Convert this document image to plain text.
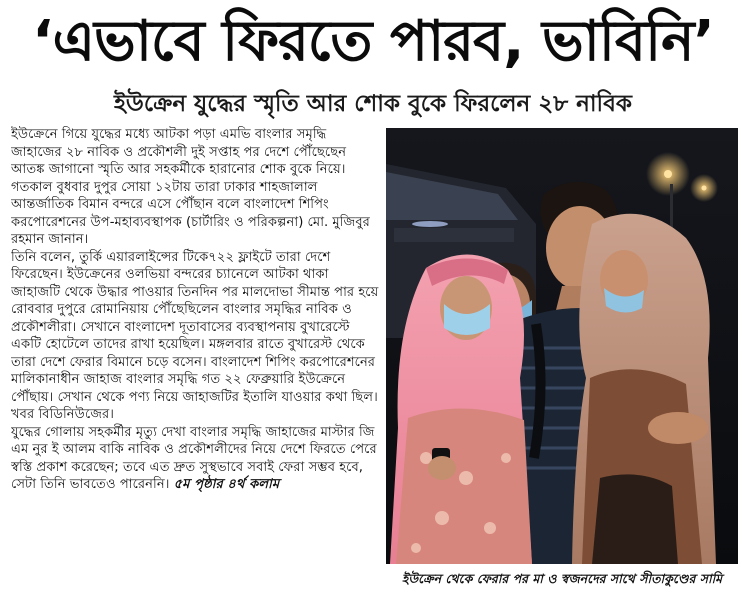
‘এভাবে ফিরতে পারব, ভাবিনি’
ইউক্রেন যুদ্ধের স্মৃতি আর শোক বুকে ফিরলেন ২৮ নাবিক

ইউক্রেনে গিয়ে যুদ্ধের মধ্যে আটকা পড়া এমভি বাংলার সমৃদ্ধি জাহাজের ২৮ নাবিক ও প্রকৌশলী দুই সপ্তাহ পর দেশে পৌঁছেছেন আতঙ্ক জাগানো স্মৃতি আর সহকর্মীকে হারানোর শোক বুকে নিয়ে। গতকাল বুধবার দুপুর সোয়া ১২টায় তারা ঢাকার শাহজালাল আন্তর্জাতিক বিমান বন্দরে এসে পৌঁছান বলে বাংলাদেশ শিপিং করপোরেশনের উপ-মহাব্যবস্থাপক (চার্টারিং ও পরিকল্পনা) মো. মুজিবুর রহমান জানান।

তিনি বলেন, তুর্কি এয়ারলাইন্সের টিকে৭২২ ফ্লাইটে তারা দেশে ফিরেছেন। ইউক্রেনের ওলভিয়া বন্দরের চ্যানেলে আটকা থাকা জাহাজটি থেকে উদ্ধার পাওয়ার তিনদিন পর মালদোভা সীমান্ত পার হয়ে রোববার দুপুরে রোমানিয়ায় পৌঁছেছিলেন বাংলার সমৃদ্ধির নাবিক ও প্রকৌশলীরা। সেখানে বাংলাদেশ দূতাবাসের ব্যবস্থাপনায় বুখারেস্টে একটি হোটেলে তাদের রাখা হয়েছিল। মঙ্গলবার রাতে বুখারেস্ট থেকে তারা দেশে ফেরার বিমানে চড়ে বসেন। বাংলাদেশ শিপিং করপোরেশনের মালিকানাধীন জাহাজ বাংলার সমৃদ্ধি গত ২২ ফেব্রুয়ারি ইউক্রেনে পৌঁছায়। সেখান থেকে পণ্য নিয়ে জাহাজটির ইতালি যাওয়ার কথা ছিল। খবর বিডিনিউজের।

যুদ্ধের গোলায় সহকর্মীর মৃত্যু দেখা বাংলার সমৃদ্ধি জাহাজের মাস্টার জি এম নুর ই আলম বাকি নাবিক ও প্রকৌশলীদের নিয়ে দেশে ফিরতে পেরে স্বস্তি প্রকাশ করেছেন; তবে এত দ্রুত সুস্থভাবে সবাই ফেরা সম্ভব হবে, সেটা তিনি ভাবতেও পারেননি। ৫ম পৃষ্ঠার ৪র্থ কলাম

ইউক্রেন থেকে ফেরার পর মা ও স্বজনদের সাথে সীতাকুণ্ডের সামি
